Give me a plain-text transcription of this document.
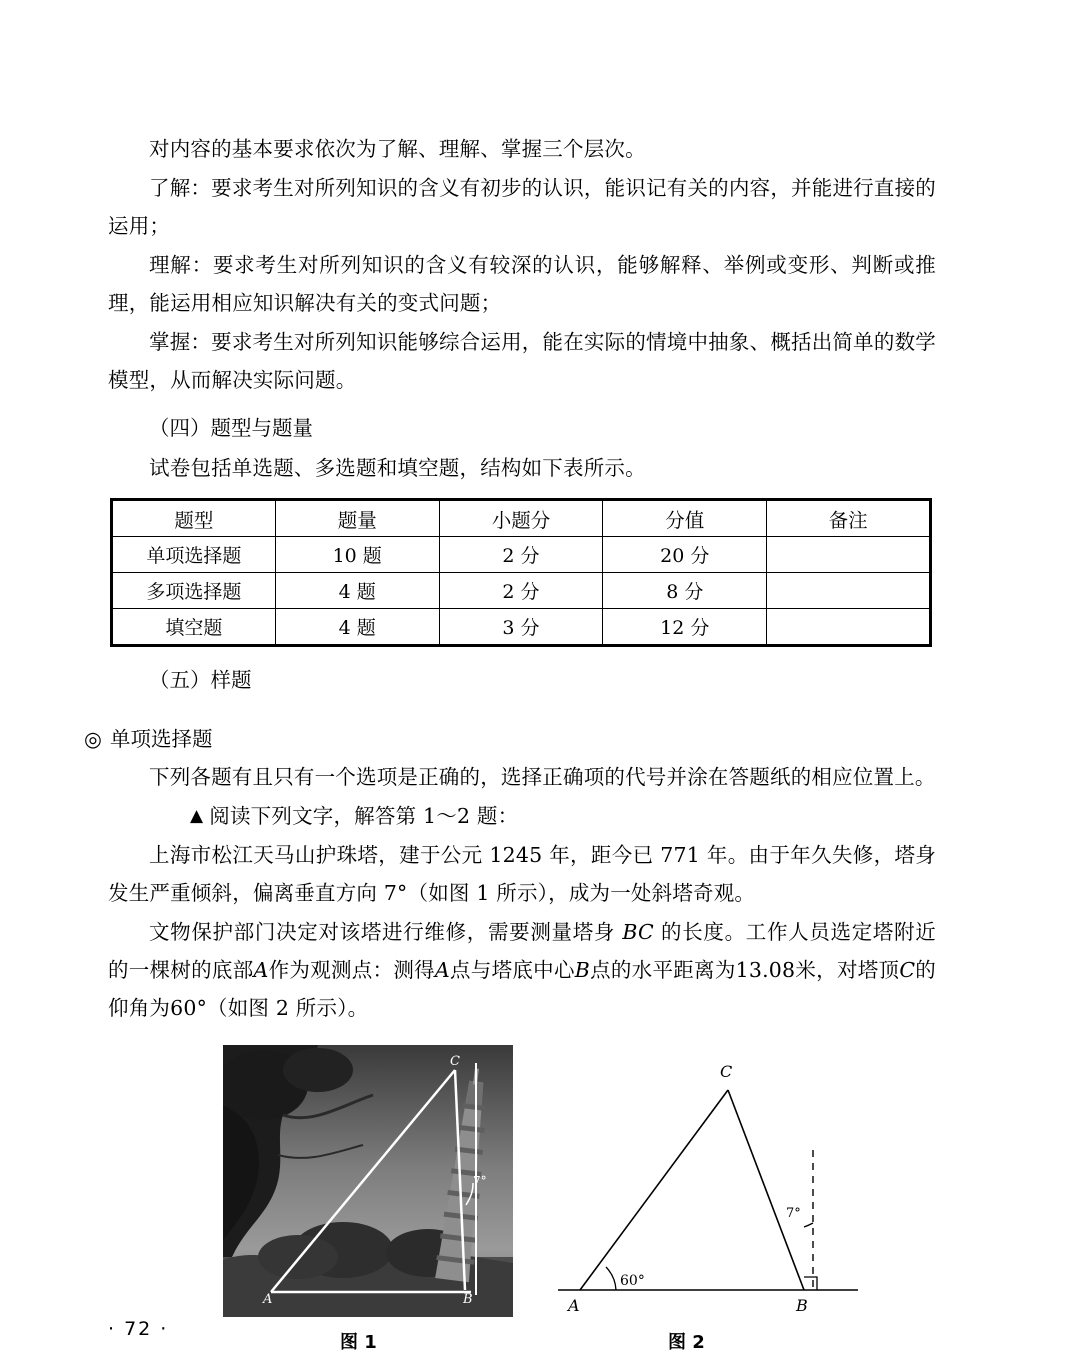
对内容的基本要求依次为了解、理解、掌握三个层次。

了解：要求考生对所列知识的含义有初步的认识，能识记有关的内容，并能进行直接的运用；

理解：要求考生对所列知识的含义有较深的认识，能够解释、举例或变形、判断或推理，能运用相应知识解决有关的变式问题；

掌握：要求考生对所列知识能够综合运用，能在实际的情境中抽象、概括出简单的数学模型，从而解决实际问题。

（四）题型与题量

试卷包括单选题、多选题和填空题，结构如下表所示。

题型	题量	小题分	分值	备注
单项选择题	10 题	2 分	20 分	
多项选择题	4 题	2 分	8 分	
填空题	4 题	3 分	12 分	

（五）样题

◎ 单项选择题

下列各题有且只有一个选项是正确的，选择正确项的代号并涂在答题纸的相应位置上。

▲ 阅读下列文字，解答第 1～2 题：

上海市松江天马山护珠塔，建于公元 1245 年，距今已 771 年。由于年久失修，塔身发生严重倾斜，偏离垂直方向 7°（如图 1 所示），成为一处斜塔奇观。

文物保护部门决定对该塔进行维修，需要测量塔身 BC 的长度。工作人员选定塔附近的一棵树的底部A作为观测点：测得A点与塔底中心B点的水平距离为13.08米，对塔顶C的仰角为60°（如图 2 所示）。

C
A	B
7°
图 1
C
A	B
60°
7°
图 2
· 72 ·
